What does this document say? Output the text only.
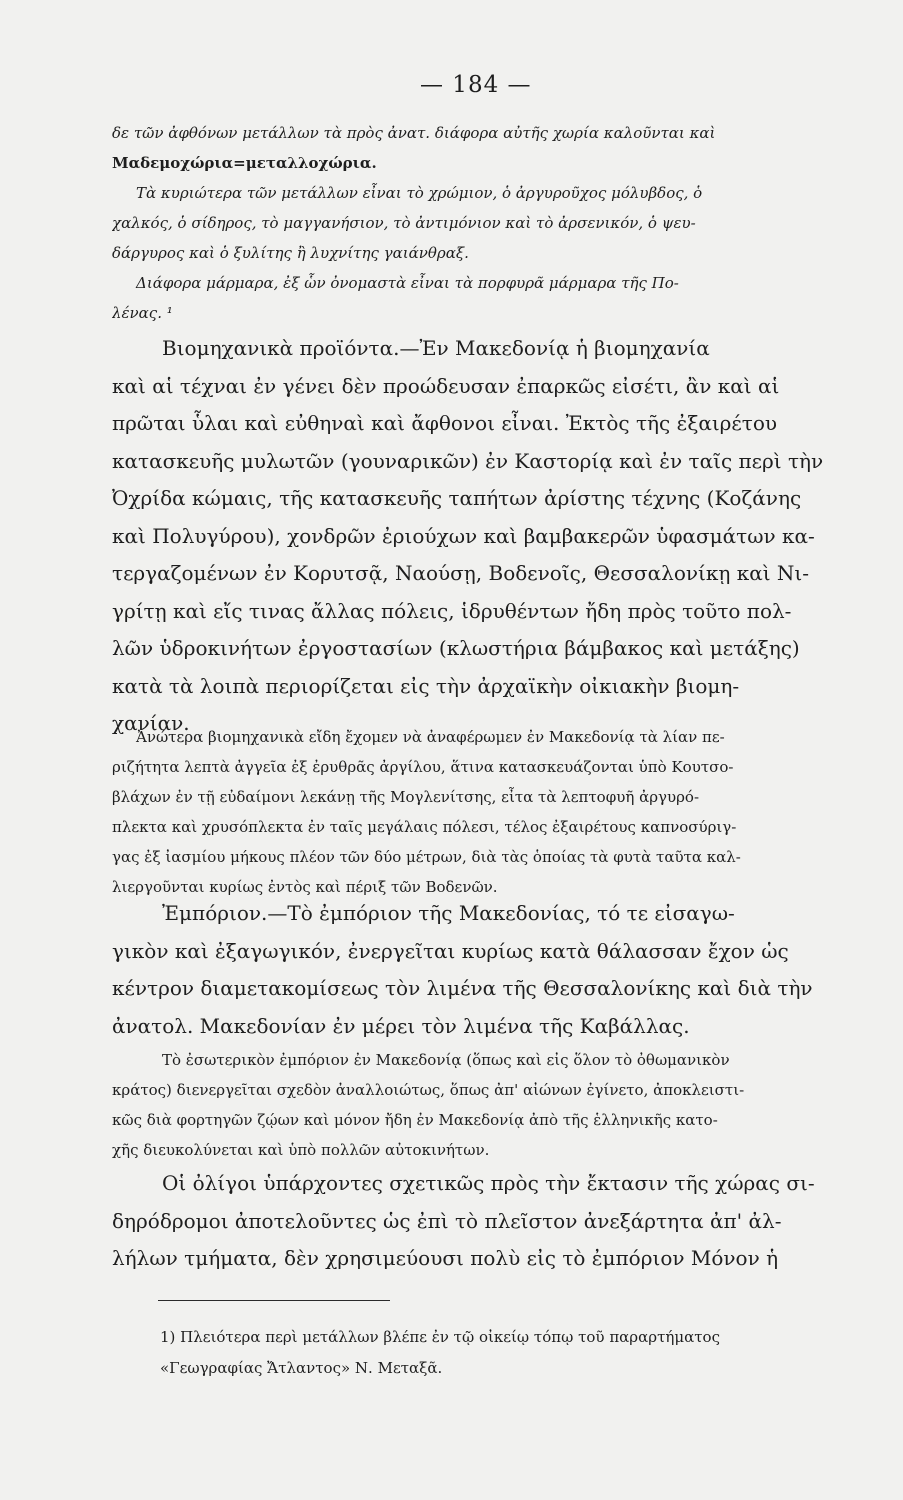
— 184 —
δε τῶν ἀφθόνων μετάλλων τὰ πρὸς ἀνατ. διάφορα αὐτῆς χωρία καλοῦνται καὶ
Μαδεμοχώρια=μεταλλοχώρια.
Τὰ κυριώτερα τῶν μετάλλων εἶναι τὸ χρώμιον, ὁ ἀργυροῦχος μόλυβδος, ὁ
χαλκός, ὁ σίδηρος, τὸ μαγγανήσιον, τὸ ἀντιμόνιον καὶ τὸ ἀρσενικόν, ὁ ψευ-
δάργυρος καὶ ὁ ξυλίτης ἢ λυχνίτης γαιάνθραξ.
Διάφορα μάρμαρα, ἐξ ὧν ὀνομαστὰ εἶναι τὰ πορφυρᾶ μάρμαρα τῆς Πο-
λένας. ¹
Βιομηχανικὰ προϊόντα.—Ἐν Μακεδονίᾳ ἡ βιομηχανία
καὶ αἱ τέχναι ἐν γένει δὲν προώδευσαν ἐπαρκῶς εἰσέτι, ἂν καὶ αἱ
πρῶται ὗλαι καὶ εὐθηναὶ καὶ ἄφθονοι εἶναι. Ἐκτὸς τῆς ἐξαιρέτου
κατασκευῆς μυλωτῶν (γουναρικῶν) ἐν Καστορίᾳ καὶ ἐν ταῖς περὶ τὴν
Ὀχρίδα κώμαις, τῆς κατασκευῆς ταπήτων ἀρίστης τέχνης (Κοζάνης
καὶ Πολυγύρου), χονδρῶν ἐριούχων καὶ βαμβακερῶν ὑφασμάτων κα-
τεργαζομένων ἐν Κορυτσᾷ, Ναούσῃ, Βοδενοῖς, Θεσσαλονίκῃ καὶ Νι-
γρίτῃ καὶ εἴς τινας ἄλλας πόλεις, ἱδρυθέντων ἤδη πρὸς τοῦτο πολ-
λῶν ὑδροκινήτων ἐργοστασίων (κλωστήρια βάμβακος καὶ μετάξης)
κατὰ τὰ λοιπὰ περιορίζεται εἰς τὴν ἀρχαϊκὴν οἰκιακὴν βιομη-
χανίαν.
Ἀνώτερα βιομηχανικὰ εἴδη ἔχομεν νὰ ἀναφέρωμεν ἐν Μακεδονίᾳ τὰ λίαν πε-
ριζήτητα λεπτὰ ἀγγεῖα ἐξ ἐρυθρᾶς ἀργίλου, ἅτινα κατασκευάζονται ὑπὸ Κουτσο-
βλάχων ἐν τῇ εὐδαίμονι λεκάνῃ τῆς Μογλενίτσης, εἶτα τὰ λεπτοφυῆ ἀργυρό-
πλεκτα καὶ χρυσόπλεκτα ἐν ταῖς μεγάλαις πόλεσι, τέλος ἐξαιρέτους καπνοσύριγ-
γας ἐξ ἰασμίου μήκους πλέον τῶν δύο μέτρων, διὰ τὰς ὁποίας τὰ φυτὰ ταῦτα καλ-
λιεργοῦνται κυρίως ἐντὸς καὶ πέριξ τῶν Βοδενῶν.
Ἐμπόριον.—Τὸ ἐμπόριον τῆς Μακεδονίας, τό τε εἰσαγω-
γικὸν καὶ ἐξαγωγικόν, ἐνεργεῖται κυρίως κατὰ θάλασσαν ἔχον ὡς
κέντρον διαμετακομίσεως τὸν λιμένα τῆς Θεσσαλονίκης καὶ διὰ τὴν
ἀνατολ. Μακεδονίαν ἐν μέρει τὸν λιμένα τῆς Καβάλλας.
Τὸ ἐσωτερικὸν ἐμπόριον ἐν Μακεδονίᾳ (ὅπως καὶ εἰς ὅλον τὸ ὀθωμανικὸν
κράτος) διενεργεῖται σχεδὸν ἀναλλοιώτως, ὅπως ἀπ' αἰώνων ἐγίνετο, ἀποκλειστι-
κῶς διὰ φορτηγῶν ζῴων καὶ μόνον ἤδη ἐν Μακεδονίᾳ ἀπὸ τῆς ἑλληνικῆς κατο-
χῆς διευκολύνεται καὶ ὑπὸ πολλῶν αὐτοκινήτων.
Οἱ ὀλίγοι ὑπάρχοντες σχετικῶς πρὸς τὴν ἔκτασιν τῆς χώρας σι-
δηρόδρομοι ἀποτελοῦντες ὡς ἐπὶ τὸ πλεῖστον ἀνεξάρτητα ἀπ' ἀλ-
λήλων τμήματα, δὲν χρησιμεύουσι πολὺ εἰς τὸ ἐμπόριον Μόνον ἡ
1) Πλειότερα περὶ μετάλλων βλέπε ἐν τῷ οἰκείῳ τόπῳ τοῦ παραρτήματος
«Γεωγραφίας Ἄτλαντος» Ν. Μεταξᾶ.
